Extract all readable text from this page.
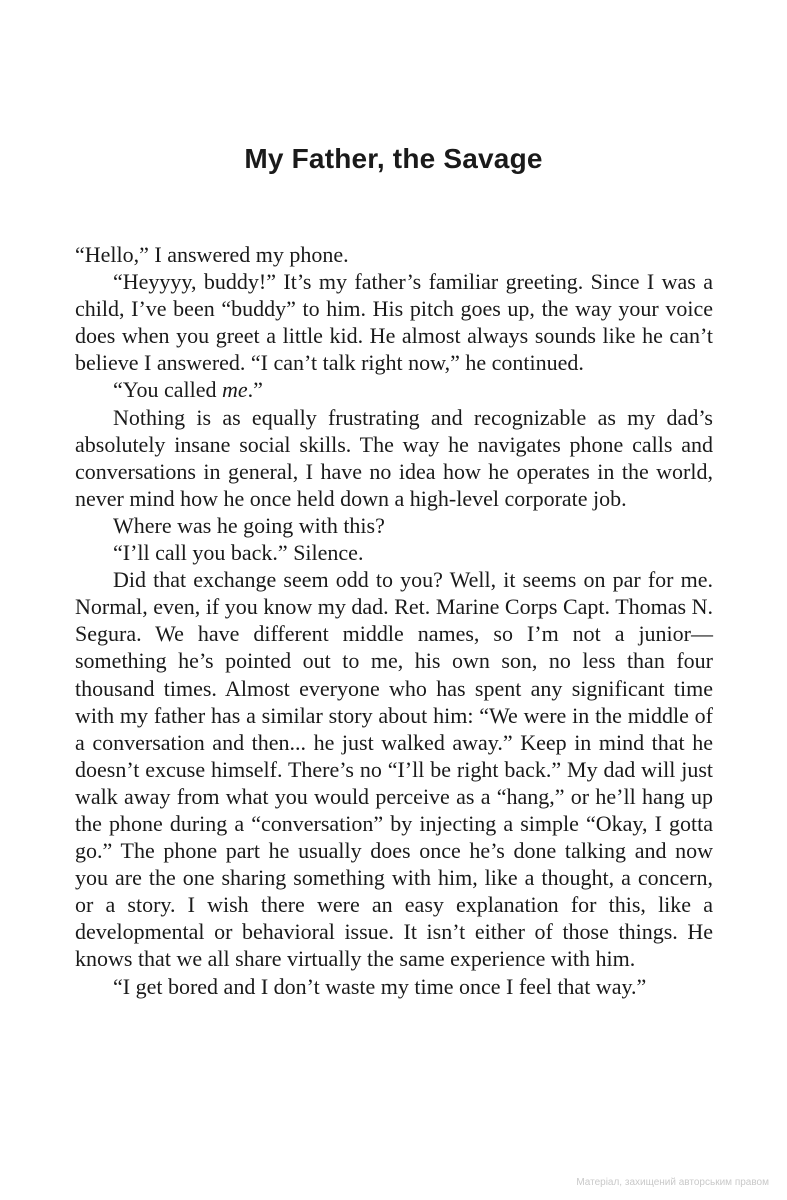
My Father, the Savage

“Hello,” I answered my phone.

“Heyyyy, buddy!” It’s my father’s familiar greeting. Since I was a child, I’ve been “buddy” to him. His pitch goes up, the way your voice does when you greet a little kid. He almost always sounds like he can’t believe I answered. “I can’t talk right now,” he continued.

“You called me.”

Nothing is as equally frustrating and recognizable as my dad’s absolutely insane social skills. The way he navigates phone calls and conversations in general, I have no idea how he operates in the world, never mind how he once held down a high-level corporate job.

Where was he going with this?

“I’ll call you back.” Silence.

Did that exchange seem odd to you? Well, it seems on par for me. Normal, even, if you know my dad. Ret. Marine Corps Capt. Thomas N. Segura. We have different middle names, so I’m not a junior—something he’s pointed out to me, his own son, no less than four thousand times. Almost everyone who has spent any significant time with my father has a similar story about him: “We were in the middle of a conversation and then... he just walked away.” Keep in mind that he doesn’t excuse himself. There’s no “I’ll be right back.” My dad will just walk away from what you would perceive as a “hang,” or he’ll hang up the phone during a “conversation” by injecting a simple “Okay, I gotta go.” The phone part he usually does once he’s done talking and now you are the one sharing something with him, like a thought, a concern, or a story. I wish there were an easy explanation for this, like a developmental or behavioral issue. It isn’t either of those things. He knows that we all share virtually the same experience with him.

“I get bored and I don’t waste my time once I feel that way.”

Матеріал, захищений авторським правом
